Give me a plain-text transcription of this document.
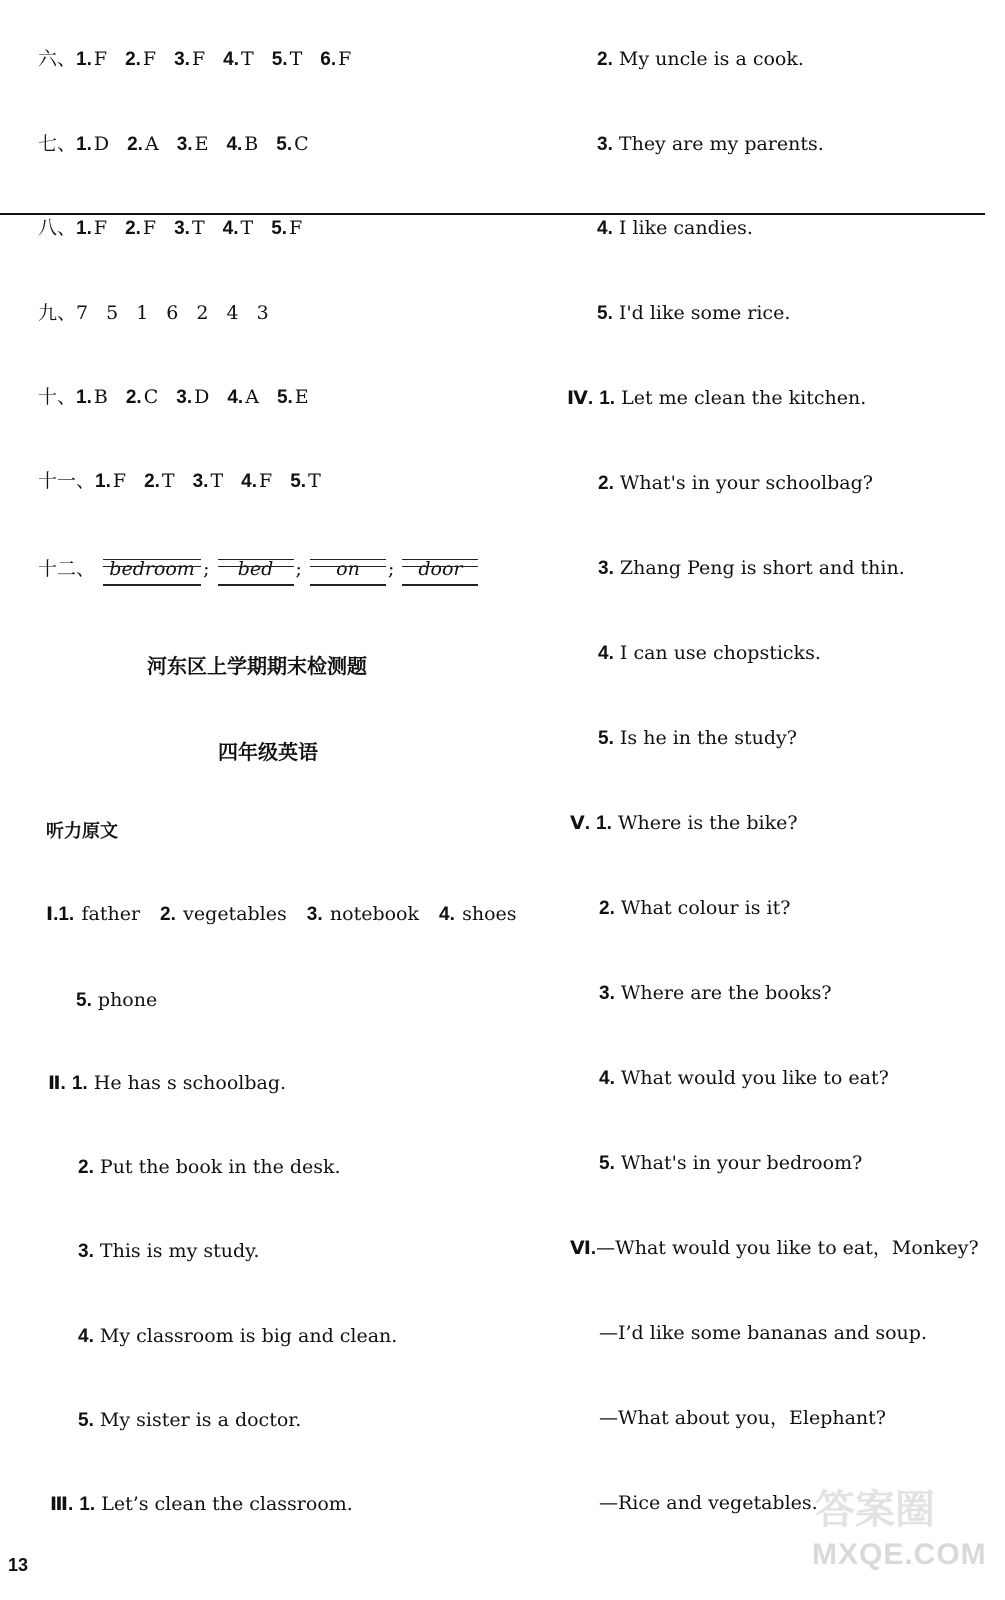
六、1. F 2. F 3. F 4. T 5. T 6. F
七、1. D 2. A 3. E 4. B 5. C
八、1. F 2. F 3. T 4. T 5. F
九、7 5 1 6 2 4 3
十、1. B 2. C 3. D 4. A 5. E
十一、1. F 2. T 3. T 4. F 5. T
十二、 bedroom ; bed ; on ; door
河东区上学期期末检测题
四年级英语
听力原文
Ⅰ.1. father 2. vegetables 3. notebook 4. shoes
5. phone
Ⅱ. 1. He has s schoolbag.
2. Put the book in the desk.
3. This is my study.
4. My classroom is big and clean.
5. My sister is a doctor.
Ⅲ. 1. Let’s clean the classroom.
13
2. My uncle is a cook.
3. They are my parents.
4. I like candies.
5. I'd like some rice.
Ⅳ. 1. Let me clean the kitchen.
2. What's in your schoolbag?
3. Zhang Peng is short and thin.
4. I can use chopsticks.
5. Is he in the study?
Ⅴ. 1. Where is the bike?
2. What colour is it?
3. Where are the books?
4. What would you like to eat?
5. What's in your bedroom?
Ⅵ.—What would you like to eat，Monkey?
—I’d like some bananas and soup.
—What about you，Elephant?
—Rice and vegetables.
答案圈
MXQE.COM
